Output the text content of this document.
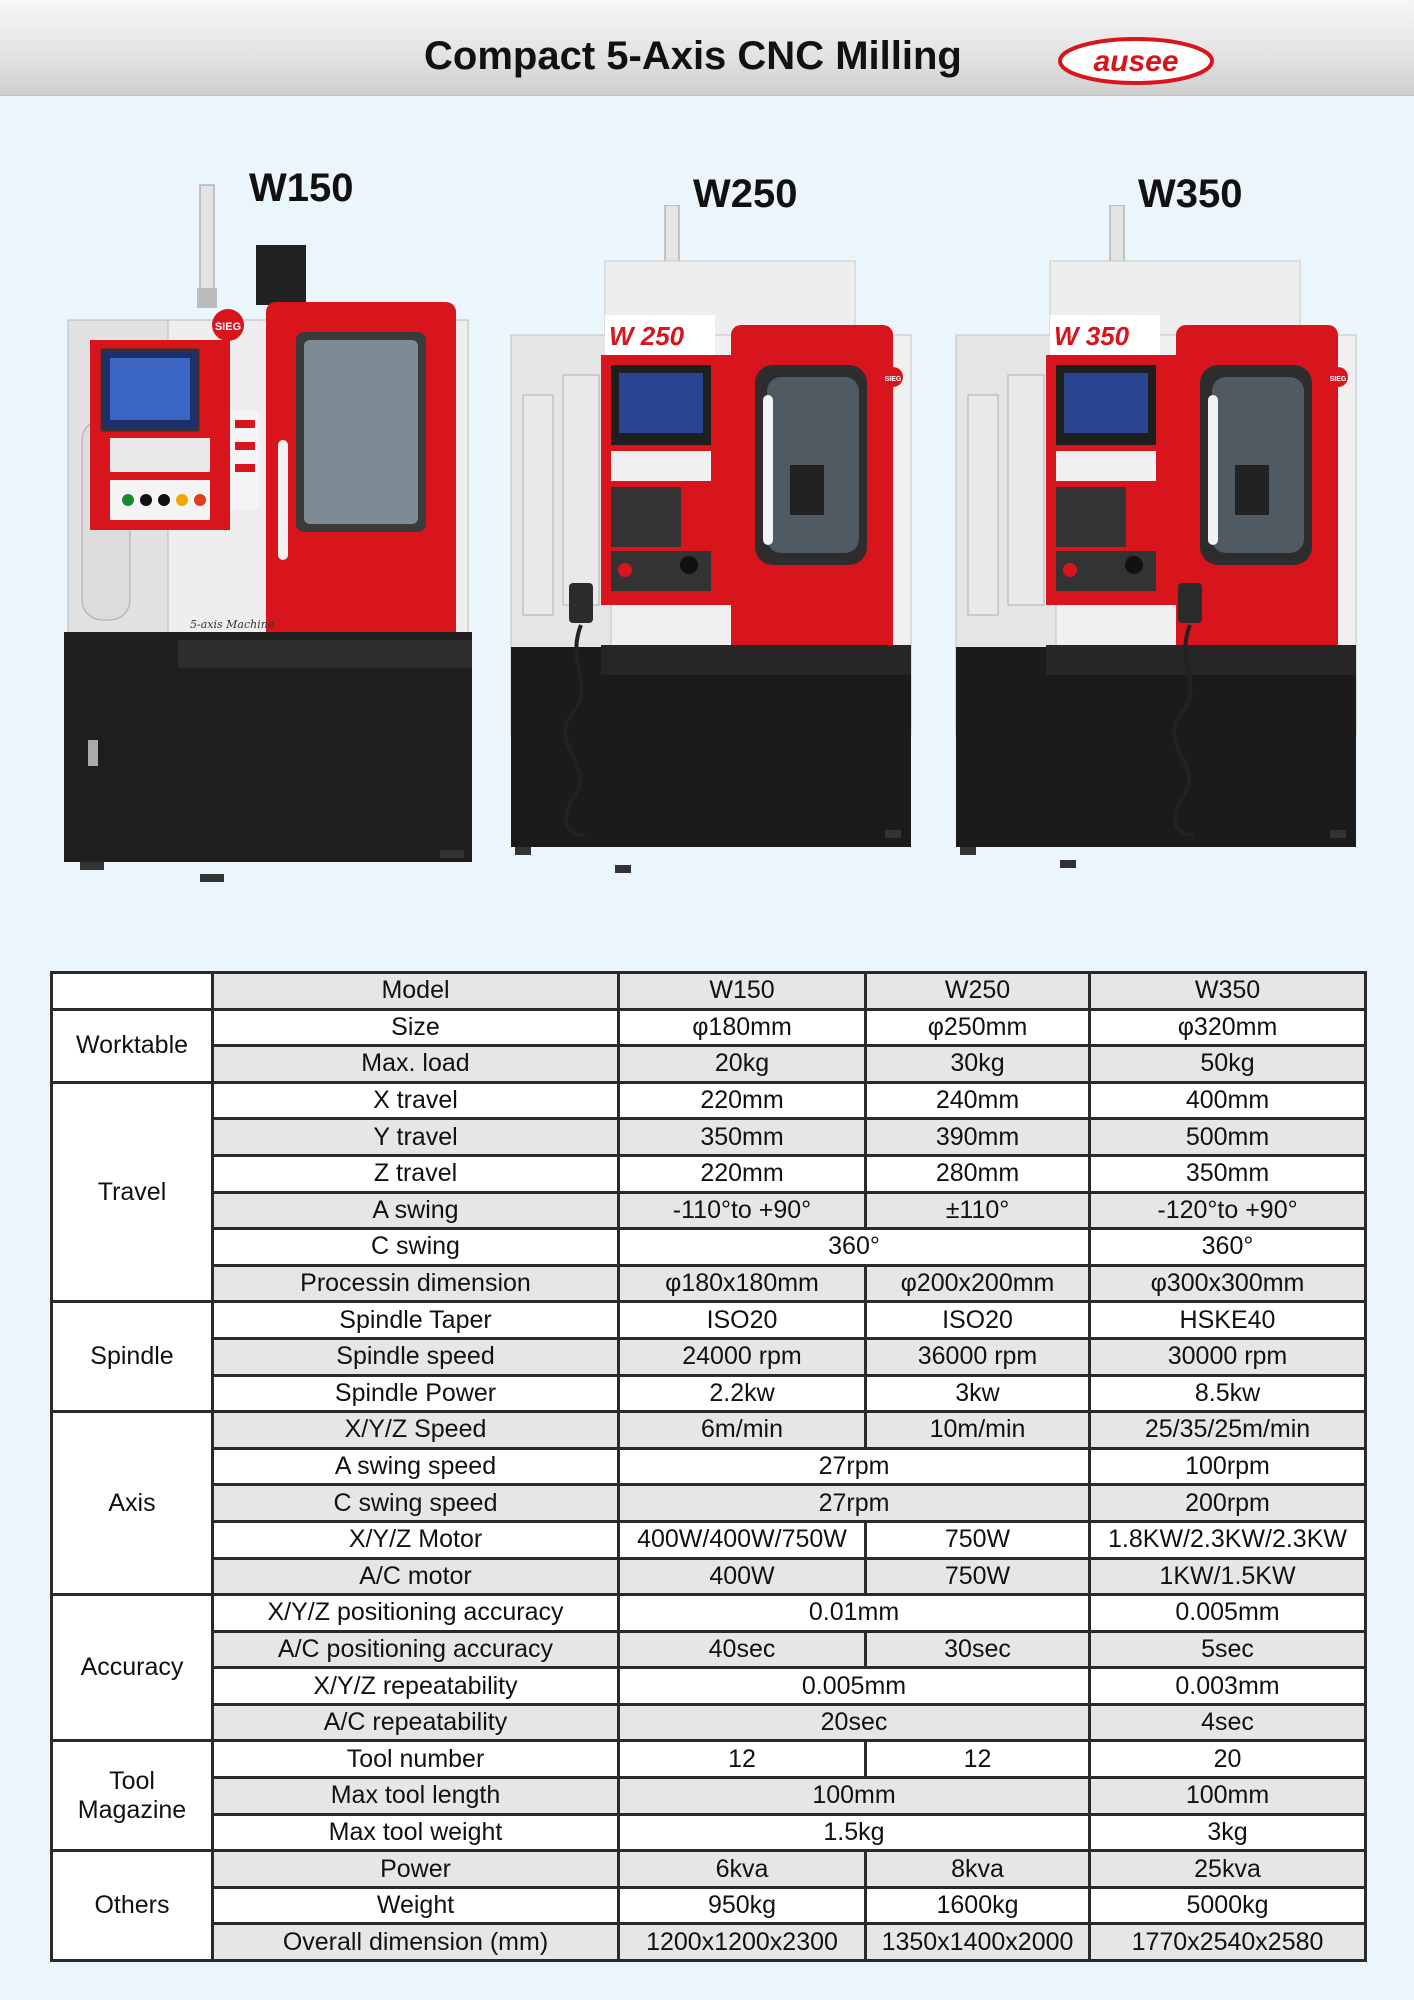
Compact 5-Axis CNC Milling	ausee
W150	W250	W350
SIEG
5-axis Machine	W150
W 250
SIEG
W 350
SIEG
	Model	W150	W250	W350
Worktable	Size	φ180mm	φ250mm	φ320mm
	Max. load	20kg	30kg	50kg
Travel	X travel	220mm	240mm	400mm
	Y travel	350mm	390mm	500mm
	Z travel	220mm	280mm	350mm
	A swing	-110°to +90°	±110°	-120°to +90°
	C swing	360°		360°
	Processin dimension	φ180x180mm	φ200x200mm	φ300x300mm
Spindle	Spindle Taper	ISO20	ISO20	HSKE40
	Spindle speed	24000 rpm	36000 rpm	30000 rpm
	Spindle Power	2.2kw	3kw	8.5kw
Axis	X/Y/Z Speed	6m/min	10m/min	25/35/25m/min
	A swing speed	27rpm		100rpm
	C swing speed	27rpm		200rpm
	X/Y/Z Motor	400W/400W/750W	750W	1.8KW/2.3KW/2.3KW
	A/C motor	400W	750W	1KW/1.5KW
Accuracy	X/Y/Z positioning accuracy	0.01mm		0.005mm
	A/C positioning accuracy	40sec	30sec	5sec
	X/Y/Z repeatability	0.005mm		0.003mm
	A/C repeatability	20sec		4sec
Tool
Magazine	Tool number	12	12	20
	Max tool length	100mm		100mm
	Max tool weight	1.5kg		3kg
Others	Power	6kva	8kva	25kva
	Weight	950kg	1600kg	5000kg
	Overall dimension (mm)	1200x1200x2300	1350x1400x2000	1770x2540x2580
